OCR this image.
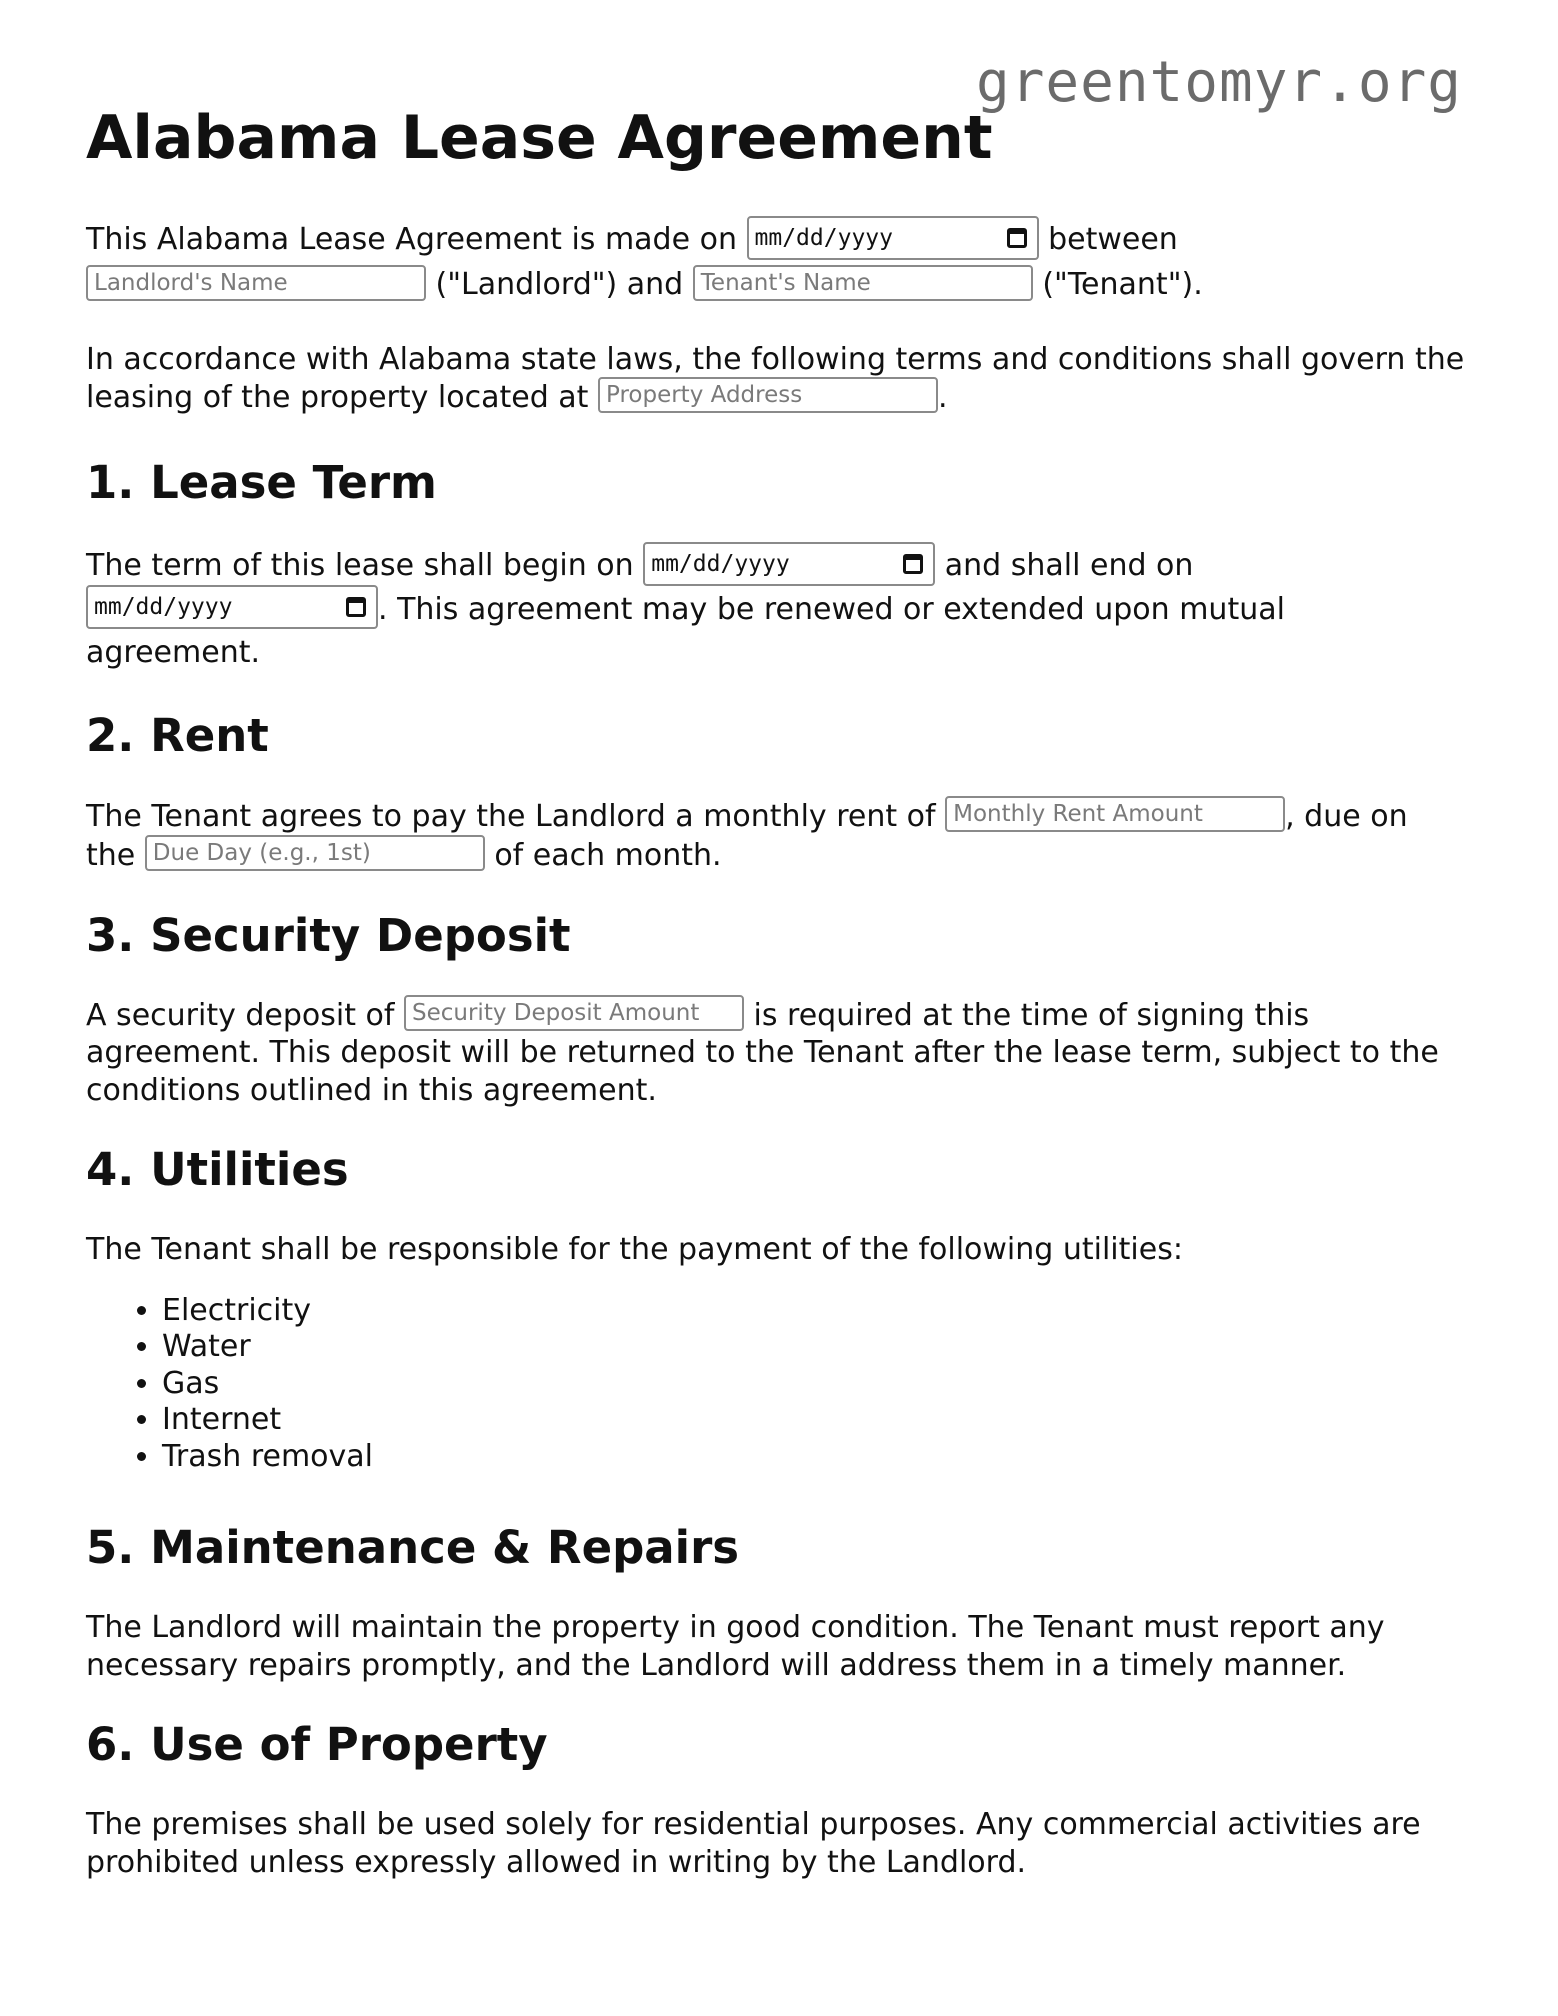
greentomyr.org
Alabama Lease Agreement

This Alabama Lease Agreement is made on mm/dd/yyyy	between
Landlord's Name	("Landlord") and Tenant's Name	("Tenant").

In accordance with Alabama state laws, the following terms and conditions shall govern the leasing of the property located at Property Address	.

1. Lease Term

The term of this lease shall begin on mm/dd/yyyy	and shall end on
mm/dd/yyyy	. This agreement may be renewed or extended upon mutual agreement.

2. Rent

The Tenant agrees to pay the Landlord a monthly rent of Monthly Rent Amount	, due on the Due Day (e.g., 1st)	of each month.

3. Security Deposit

A security deposit of Security Deposit Amount is required at the time of signing this agreement. This deposit will be returned to the Tenant after the lease term, subject to the conditions outlined in this agreement.

4. Utilities

The Tenant shall be responsible for the payment of the following utilities:

• Electricity
• Water
• Gas
• Internet
• Trash removal
5. Maintenance & Repairs

The Landlord will maintain the property in good condition. The Tenant must report any necessary repairs promptly, and the Landlord will address them in a timely manner.

6. Use of Property

The premises shall be used solely for residential purposes. Any commercial activities are prohibited unless expressly allowed in writing by the Landlord.
